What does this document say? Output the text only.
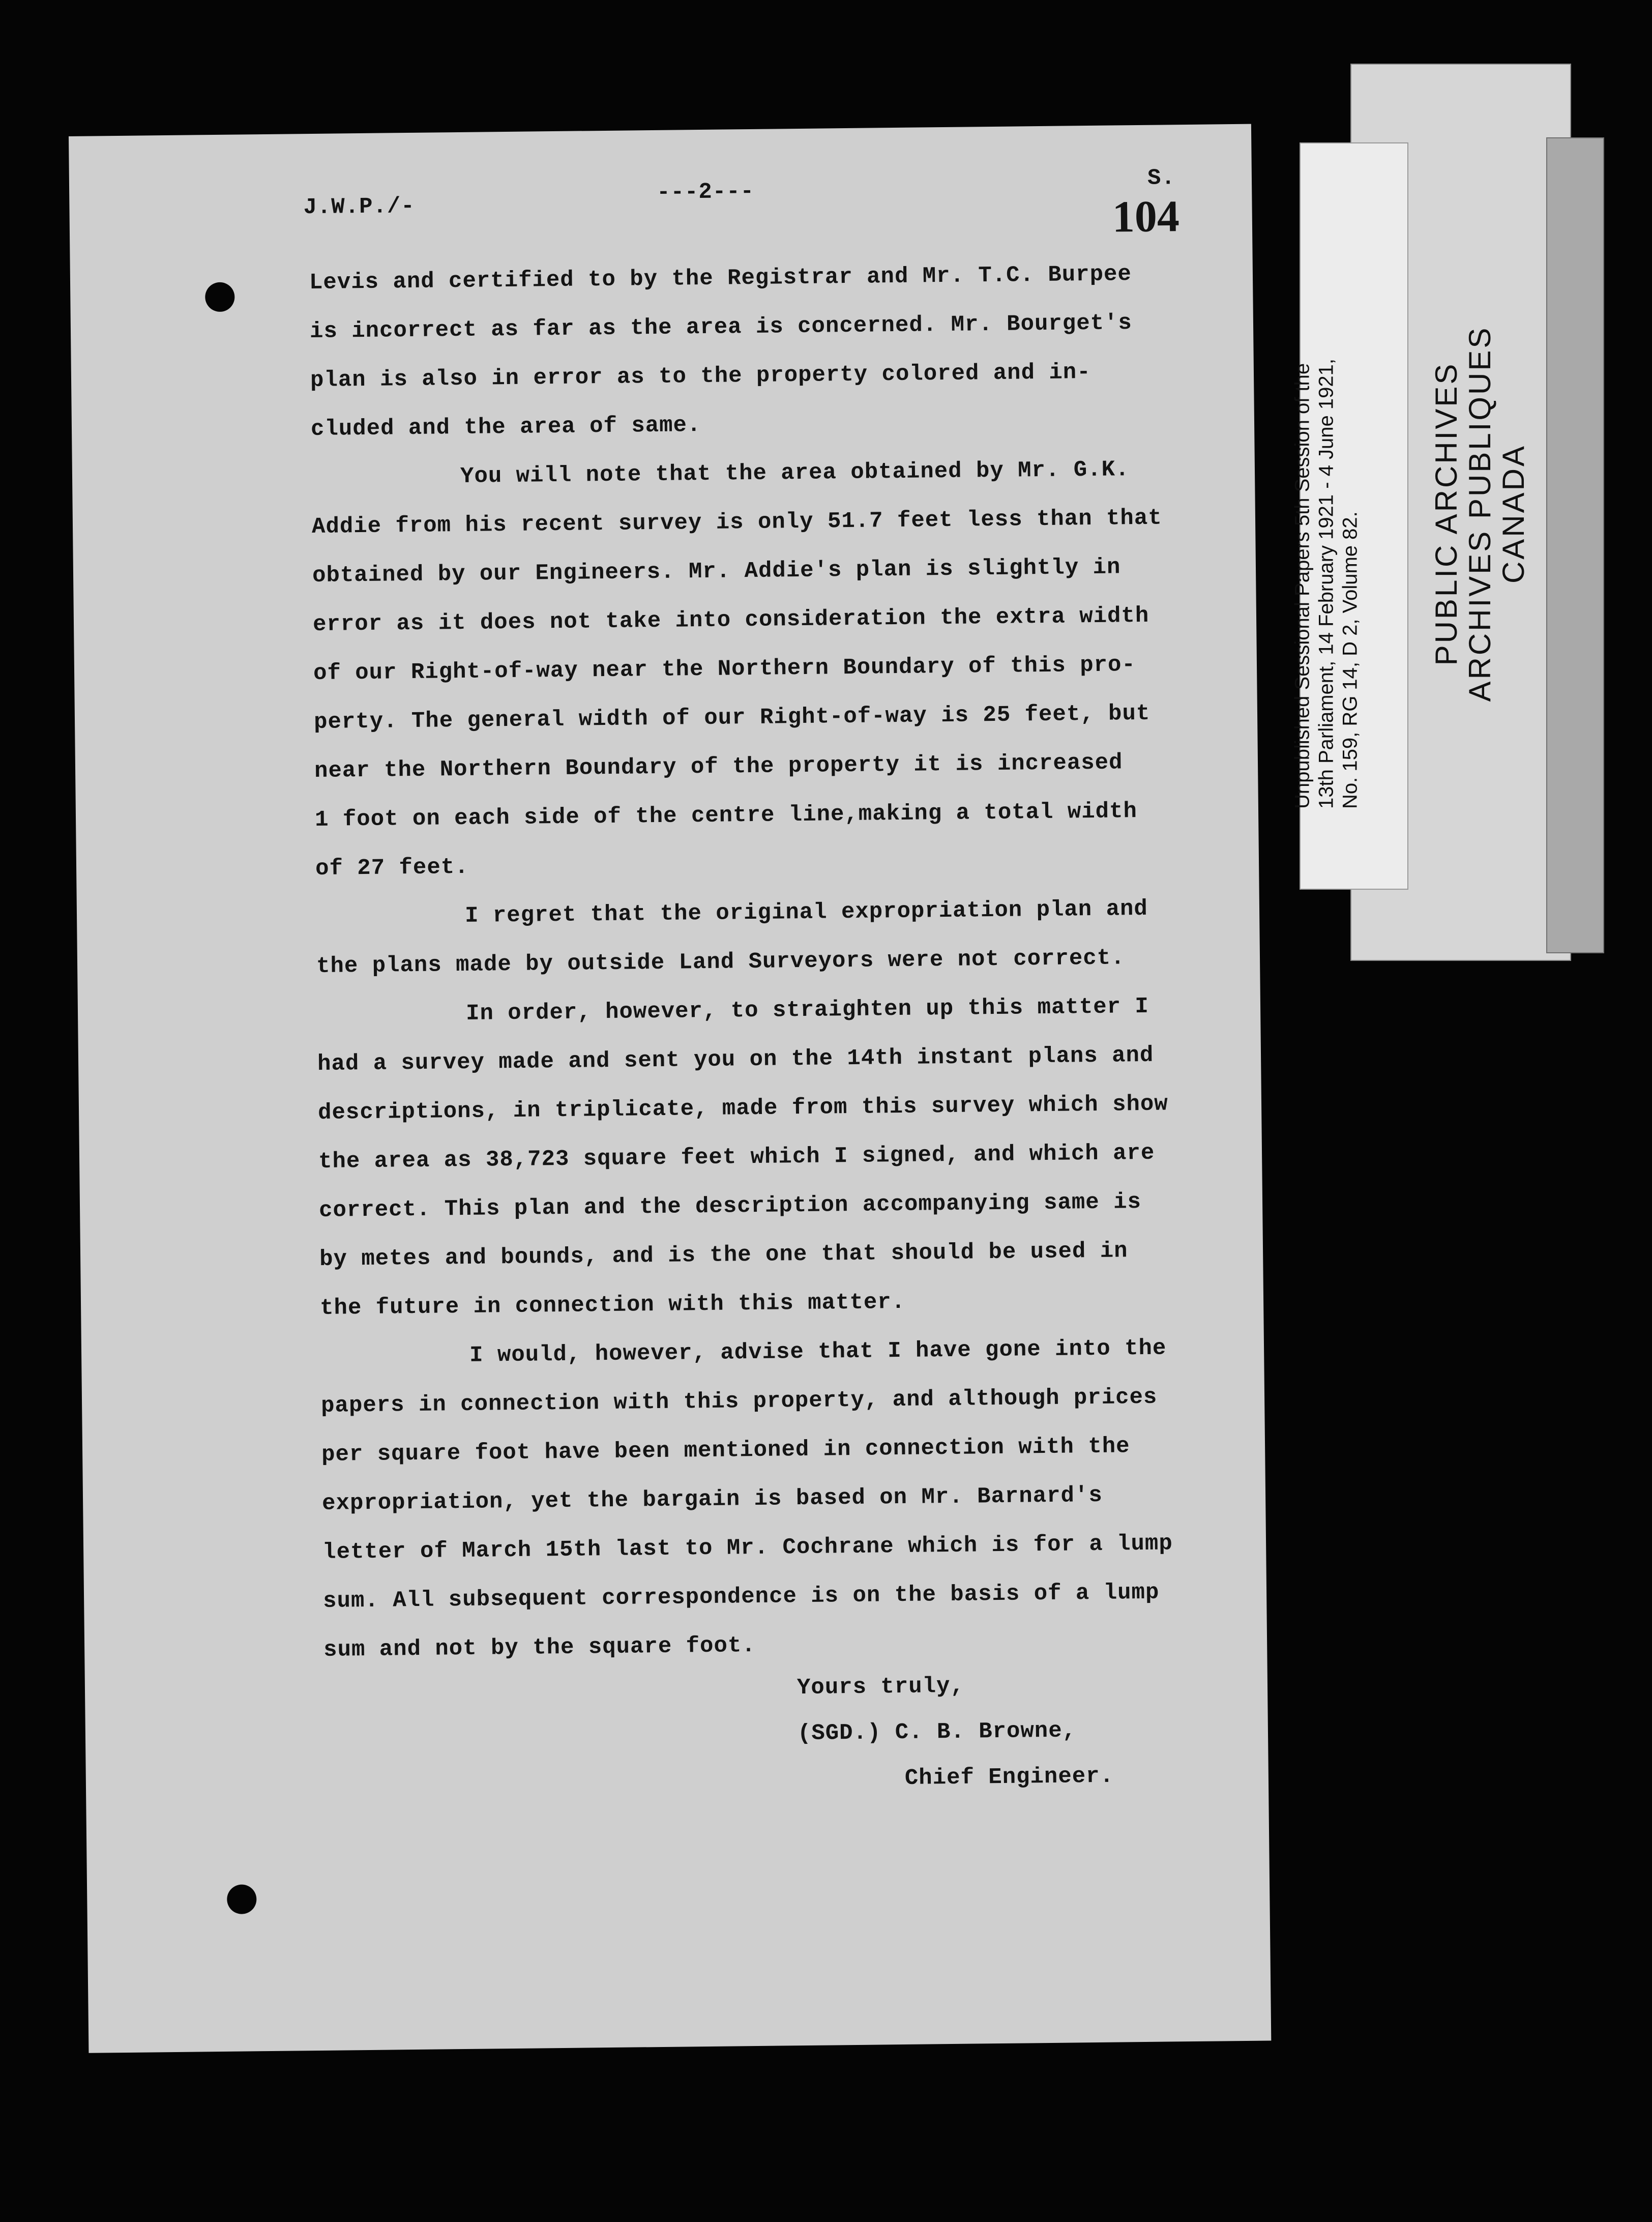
J.W.P./-
---2---
S.
104
Levis and certified to by the Registrar and Mr. T.C. Burpee
is incorrect as far as the area is concerned. Mr. Bourget's
plan is also in error as to the property colored and in-
cluded and the area of same.
You will note that the area obtained by Mr. G.K.
Addie from his recent survey is only 51.7 feet less than that
obtained by our Engineers. Mr. Addie's plan is slightly in
error as it does not take into consideration the extra width
of our Right-of-way near the Northern Boundary of this pro-
perty. The general width of our Right-of-way is 25 feet, but
near the Northern Boundary of the property it is increased
1 foot on each side of the centre line,making a total width
of 27 feet.
I regret that the original expropriation plan and
the plans made by outside Land Surveyors were not correct.
In order, however, to straighten up this matter I
had a survey made and sent you on the 14th instant plans and
descriptions, in triplicate, made from this survey which show
the area as 38,723 square feet which I signed, and which are
correct. This plan and the description accompanying same is
by metes and bounds, and is the one that should be used in
the future in connection with this matter.
I would, however, advise that I have gone into the
papers in connection with this property, and although prices
per square foot have been mentioned in connection with the
expropriation, yet the bargain is based on Mr. Barnard's
letter of March 15th last to Mr. Cochrane which is for a lump
sum. All subsequent correspondence is on the basis of a lump
sum and not by the square foot.
Yours truly,
(SGD.) C. B. Browne,
Chief Engineer.
Unpublished Sessional Papers 5th Session of the 13th Parliament, 14 February 1921 - 4 June 1921, No. 159, RG 14, D 2, Volume 82. PUBLIC ARCHIVES ARCHIVES PUBLIQUES CANADA
